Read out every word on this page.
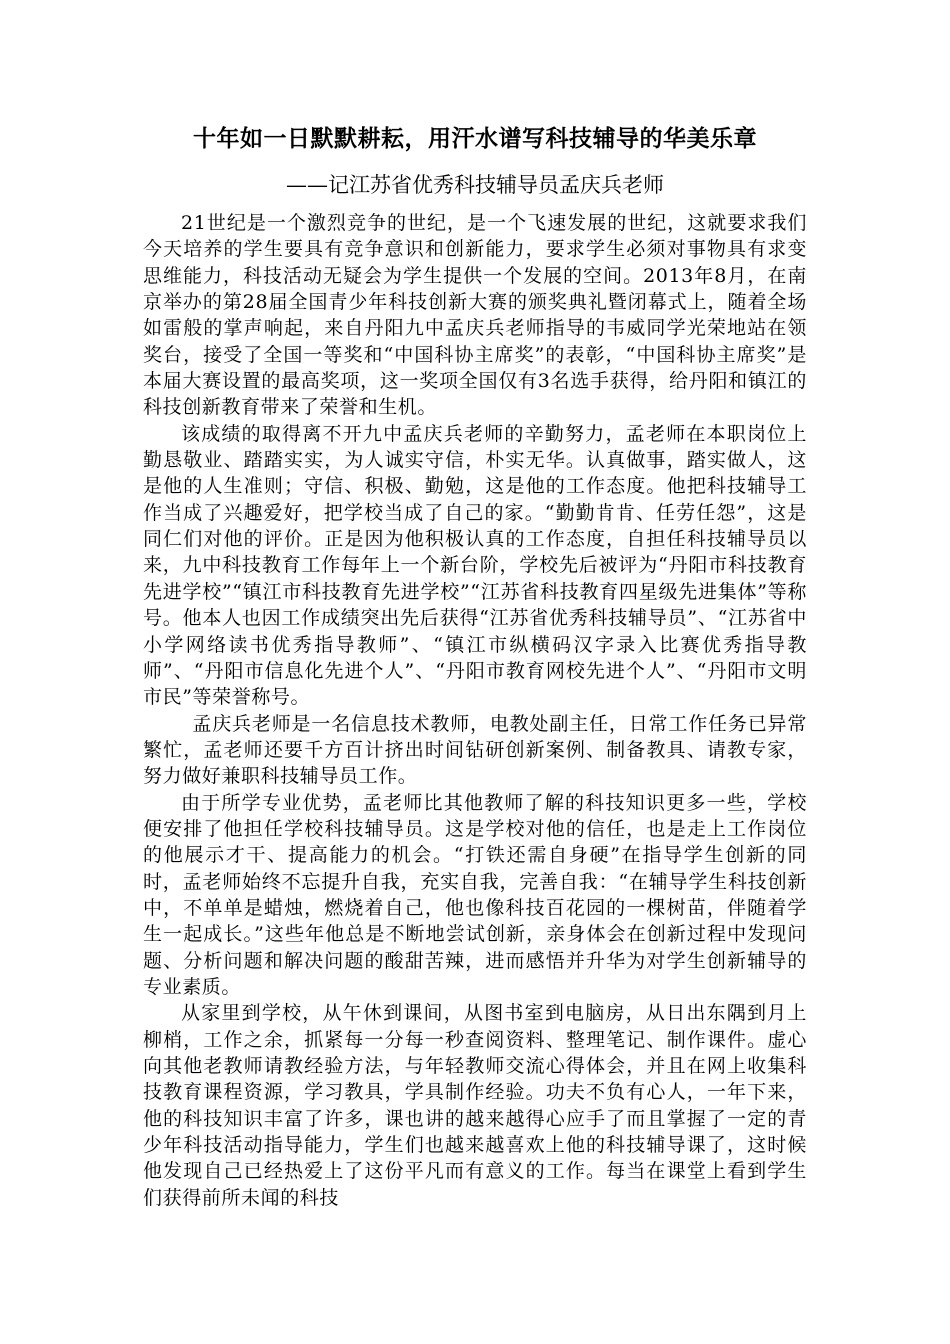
十年如一日默默耕耘，用汗水谱写科技辅导的华美乐章
——记江苏省优秀科技辅导员孟庆兵老师

21世纪是一个激烈竞争的世纪，是一个飞速发展的世纪，这就要求我们今天培养的学生要具有竞争意识和创新能力，要求学生必须对事物具有求变思维能力，科技活动无疑会为学生提供一个发展的空间。2013年8月，在南京举办的第28届全国青少年科技创新大赛的颁奖典礼暨闭幕式上，随着全场如雷般的掌声响起，来自丹阳九中孟庆兵老师指导的韦威同学光荣地站在领奖台，接受了全国一等奖和“中国科协主席奖”的表彰，“中国科协主席奖”是本届大赛设置的最高奖项，这一奖项全国仅有3名选手获得，给丹阳和镇江的科技创新教育带来了荣誉和生机。

该成绩的取得离不开九中孟庆兵老师的辛勤努力，孟老师在本职岗位上勤恳敬业、踏踏实实，为人诚实守信，朴实无华。认真做事，踏实做人，这是他的人生准则；守信、积极、勤勉，这是他的工作态度。他把科技辅导工作当成了兴趣爱好，把学校当成了自己的家。“勤勤肯肯、任劳任怨”，这是同仁们对他的评价。正是因为他积极认真的工作态度，自担任科技辅导员以来，九中科技教育工作每年上一个新台阶，学校先后被评为“丹阳市科技教育先进学校”“镇江市科技教育先进学校”“江苏省科技教育四星级先进集体”等称号。他本人也因工作成绩突出先后获得“江苏省优秀科技辅导员”、“江苏省中小学网络读书优秀指导教师”、“镇江市纵横码汉字录入比赛优秀指导教师”、“丹阳市信息化先进个人”、“丹阳市教育网校先进个人”、“丹阳市文明市民”等荣誉称号。

孟庆兵老师是一名信息技术教师，电教处副主任，日常工作任务已异常繁忙，孟老师还要千方百计挤出时间钻研创新案例、制备教具、请教专家，努力做好兼职科技辅导员工作。

由于所学专业优势，孟老师比其他教师了解的科技知识更多一些，学校便安排了他担任学校科技辅导员。这是学校对他的信任，也是走上工作岗位的他展示才干、提高能力的机会。“打铁还需自身硬”在指导学生创新的同时，孟老师始终不忘提升自我，充实自我，完善自我：“在辅导学生科技创新中，不单单是蜡烛，燃烧着自己，他也像科技百花园的一棵树苗，伴随着学生一起成长。”这些年他总是不断地尝试创新，亲身体会在创新过程中发现问题、分析问题和解决问题的酸甜苦辣，进而感悟并升华为对学生创新辅导的专业素质。

从家里到学校，从午休到课间，从图书室到电脑房，从日出东隅到月上柳梢，工作之余，抓紧每一分每一秒查阅资料、整理笔记、制作课件。虚心向其他老教师请教经验方法，与年轻教师交流心得体会，并且在网上收集科技教育课程资源，学习教具，学具制作经验。功夫不负有心人，一年下来，他的科技知识丰富了许多，课也讲的越来越得心应手了而且掌握了一定的青少年科技活动指导能力，学生们也越来越喜欢上他的科技辅导课了，这时候他发现自己已经热爱上了这份平凡而有意义的工作。每当在课堂上看到学生们获得前所未闻的科技
